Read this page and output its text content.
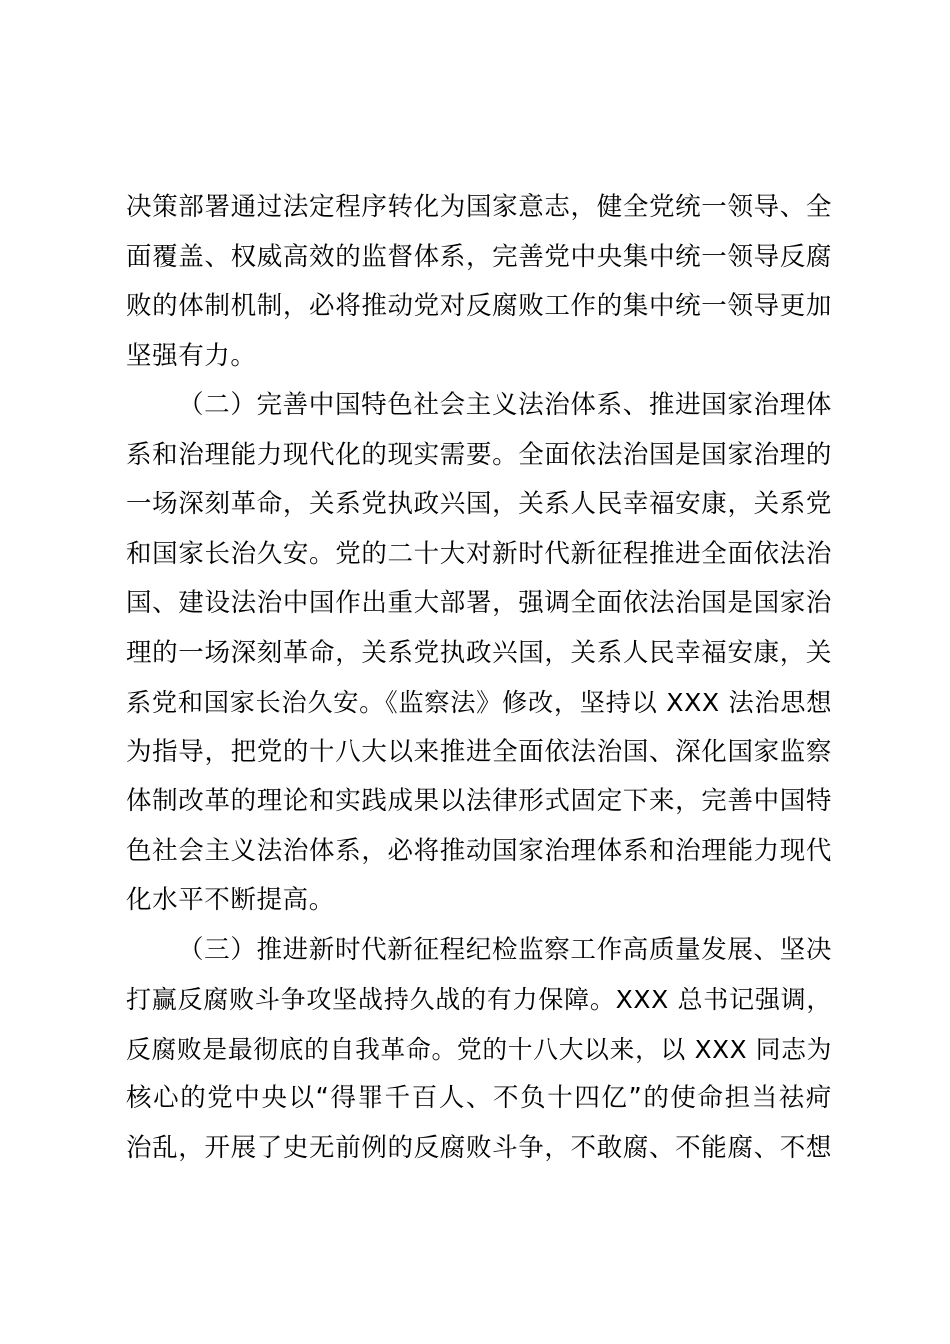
决策部署通过法定程序转化为国家意志，健全党统一领导、全
面覆盖、权威高效的监督体系，完善党中央集中统一领导反腐
败的体制机制，必将推动党对反腐败工作的集中统一领导更加
坚强有力。

（二）完善中国特色社会主义法治体系、推进国家治理体
系和治理能力现代化的现实需要。全面依法治国是国家治理的
一场深刻革命，关系党执政兴国，关系人民幸福安康，关系党
和国家长治久安。党的二十大对新时代新征程推进全面依法治
国、建设法治中国作出重大部署，强调全面依法治国是国家治
理的一场深刻革命，关系党执政兴国，关系人民幸福安康，关
系党和国家长治久安。《监察法》修改，坚持以 XXX 法治思想
为指导，把党的十八大以来推进全面依法治国、深化国家监察
体制改革的理论和实践成果以法律形式固定下来，完善中国特
色社会主义法治体系，必将推动国家治理体系和治理能力现代
化水平不断提高。

（三）推进新时代新征程纪检监察工作高质量发展、坚决
打赢反腐败斗争攻坚战持久战的有力保障。XXX 总书记强调，
反腐败是最彻底的自我革命。党的十八大以来，以 XXX 同志为
核心的党中央以“得罪千百人、不负十四亿”的使命担当祛疴
治乱，开展了史无前例的反腐败斗争，不敢腐、不能腐、不想
